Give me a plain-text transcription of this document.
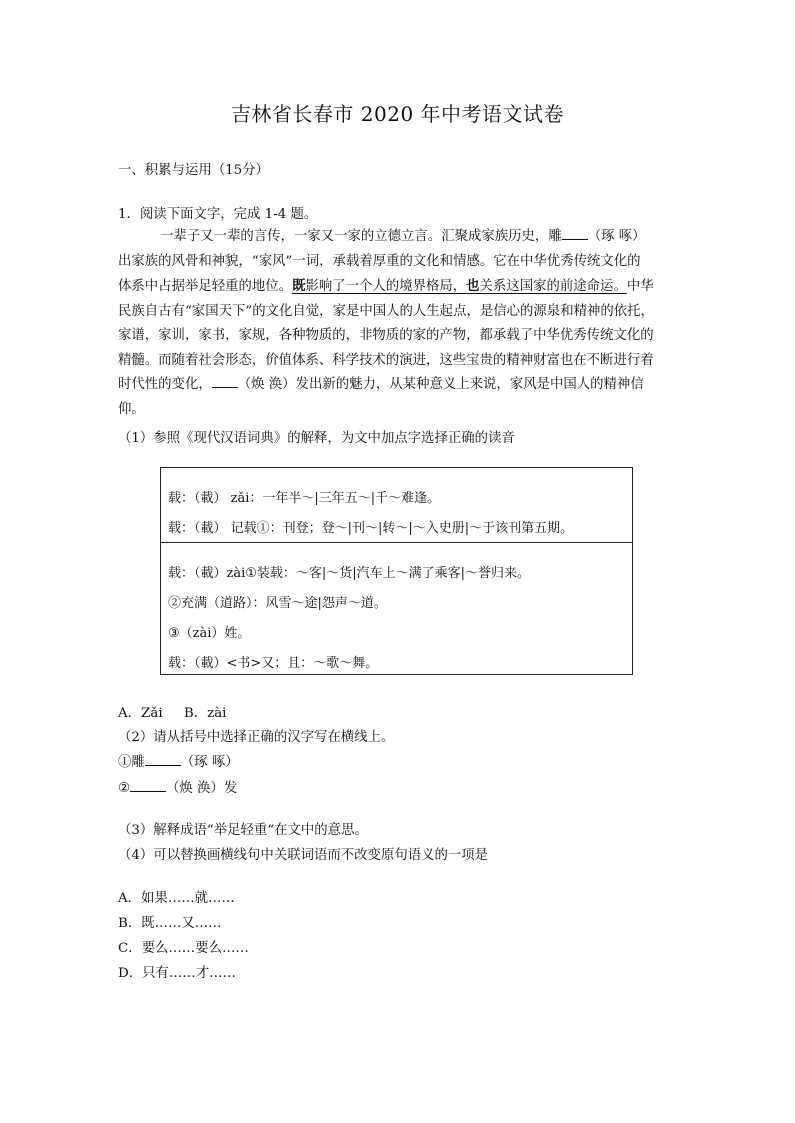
吉林省长春市 2020 年中考语文试卷
一、积累与运用（15分）
1．阅读下面文字，完成 1-4 题。

一辈子又一辈的言传，一家又一家的立德立言。汇聚成家族历史，雕 （琢 啄）
出家族的风骨和神貌，“家风”一词，承载着厚重的文化和情感。它在中华优秀传统文化的
体系中占据举足轻重的地位。既影响了一个人的境界格局，也关系这国家的前途命运。中华
民族自古有“家国天下”的文化自觉，家是中国人的人生起点，是信心的源泉和精神的依托，
家谱，家训，家书，家规，各种物质的，非物质的家的产物，都承载了中华优秀传统文化的
精髓。而随着社会形态，价值体系、科学技术的演进，这些宝贵的精神财富也在不断进行着
时代性的变化， （焕 涣）发出新的魅力，从某种意义上来说，家风是中国人的精神信
仰。

（1）参照《现代汉语词典》的解释，为文中加点字选择正确的读音
载：（載） zǎi：一年半～|三年五～|千～难逢。
载：（載） 记载①：刊登；登～|刊～|转～|～入史册|～于该刊第五期。
载：（載）zài①装载：～客|～货|汽车上～满了乘客|～誉归来。
②充满（道路）：风雪～途|怨声～道。
③（zài）姓。
载：（載）<书>又；且：～歌～舞。
A．Zǎi     B．zài
（2）请从括号中选择正确的汉字写在横线上。
①雕	（琢 啄）
②	（焕 涣）发
（3）解释成语“举足轻重“在文中的意思。
（4）可以替换画横线句中关联词语而不改变原句语义的一项是
A．如果……就……
B．既……又……
C．要么……要么……
D．只有……才……
